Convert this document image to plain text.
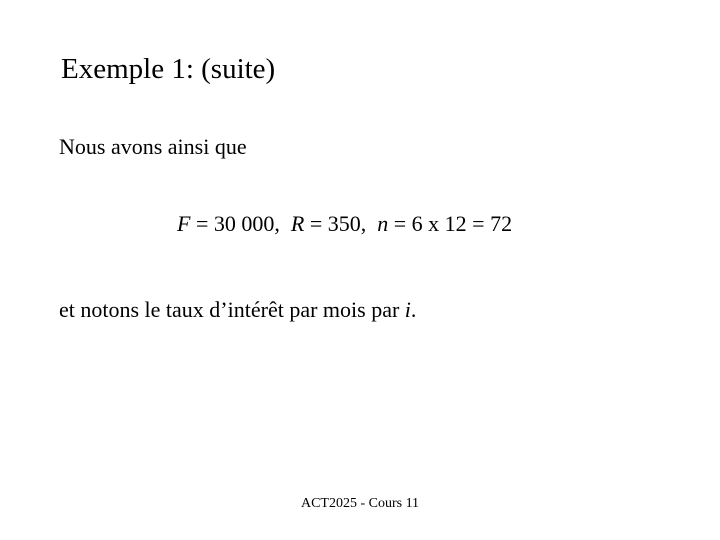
Exemple 1: (suite)
Nous avons ainsi que
F = 30 000,  R = 350,  n = 6 x 12 = 72
et notons le taux d’intérêt par mois par i.
ACT2025 - Cours 11
